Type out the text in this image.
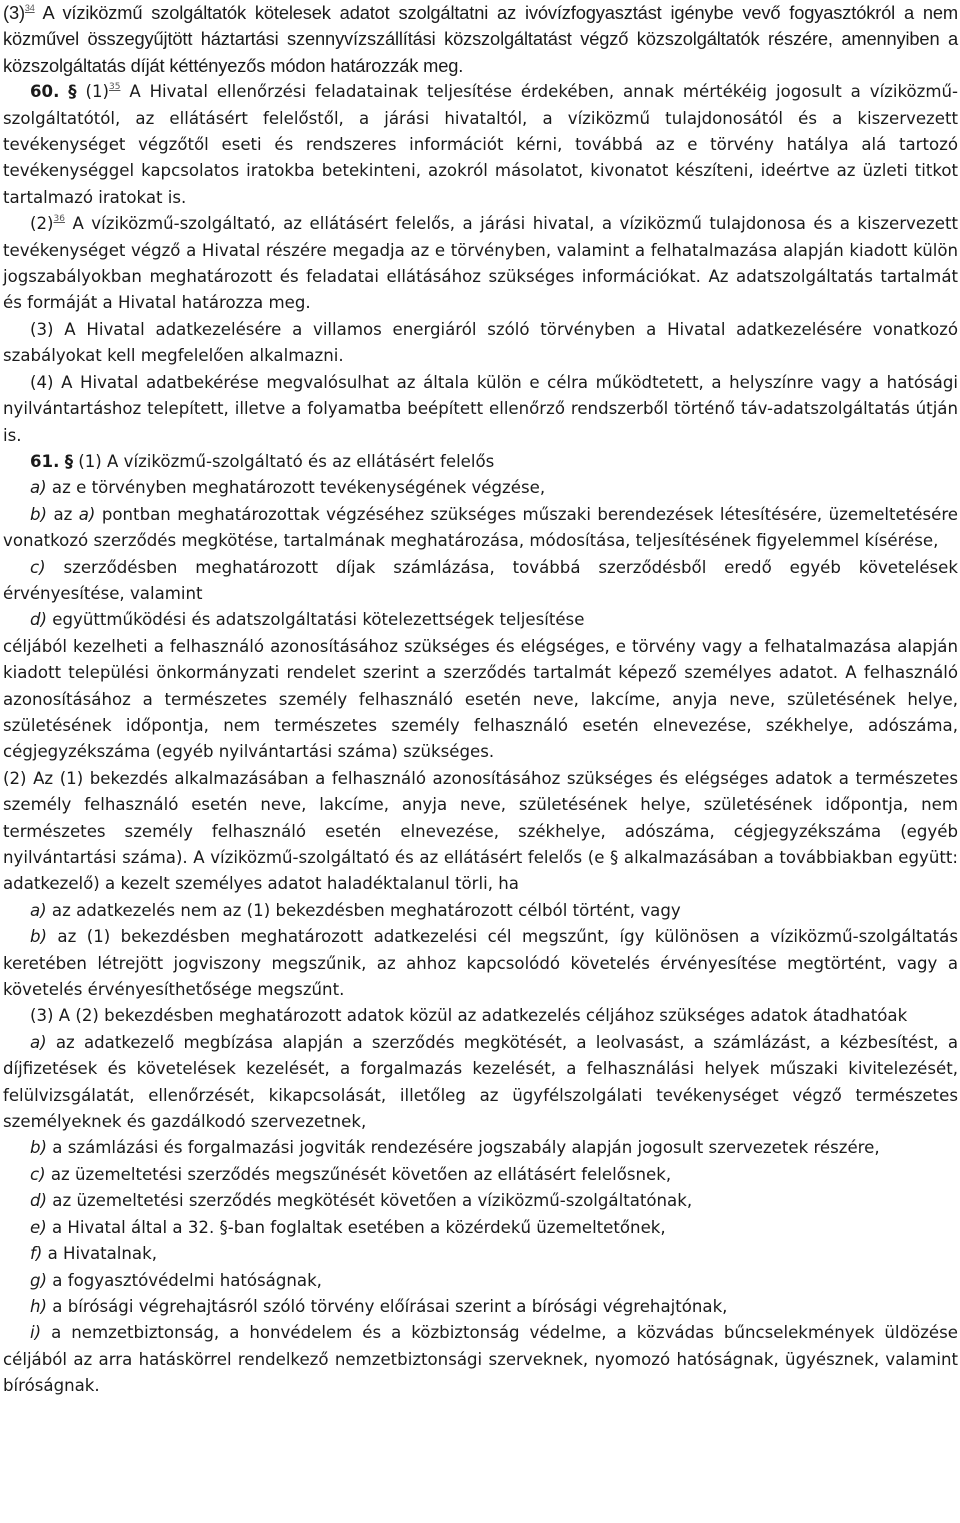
(3)$^{34}$ A víziközmű szolgáltatók kötelesek adatot szolgáltatni az ivóvízfogyasztást igénybe vevő fogyasztókról a nem közművel összegyűjtött háztartási szennyvízszállítási közszolgáltatást végző közszolgáltatók részére, amennyiben a közszolgáltatás díját kéttényezős módon határozzák meg.

60. § (1)$^{35}$ A Hivatal ellenőrzési feladatainak teljesítése érdekében, annak mértékéig jogosult a víziközmű-szolgáltatótól, az ellátásért felelőstől, a járási hivataltól, a víziközmű tulajdonosától és a kiszervezett tevékenységet végzőtől eseti és rendszeres információt kérni, továbbá az e törvény hatálya alá tartozó tevékenységgel kapcsolatos iratokba betekinteni, azokról másolatot, kivonatot készíteni, ideértve az üzleti titkot tartalmazó iratokat is.

(2)$^{36}$ A víziközmű-szolgáltató, az ellátásért felelős, a járási hivatal, a víziközmű tulajdonosa és a kiszervezett tevékenységet végző a Hivatal részére megadja az e törvényben, valamint a felhatalmazása alapján kiadott külön jogszabályokban meghatározott és feladatai ellátásához szükséges információkat. Az adatszolgáltatás tartalmát és formáját a Hivatal határozza meg.

(3) A Hivatal adatkezelésére a villamos energiáról szóló törvényben a Hivatal adatkezelésére vonatkozó szabályokat kell megfelelően alkalmazni.

(4) A Hivatal adatbekérése megvalósulhat az általa külön e célra működtetett, a helyszínre vagy a hatósági nyilvántartáshoz telepített, illetve a folyamatba beépített ellenőrző rendszerből történő táv-adatszolgáltatás útján is.

61. § (1) A víziközmű-szolgáltató és az ellátásért felelős

a) az e törvényben meghatározott tevékenységének végzése,

b) az a) pontban meghatározottak végzéséhez szükséges műszaki berendezések létesítésére, üzemeltetésére vonatkozó szerződés megkötése, tartalmának meghatározása, módosítása, teljesítésének figyelemmel kísérése,

c) szerződésben meghatározott díjak számlázása, továbbá szerződésből eredő egyéb követelések érvényesítése, valamint

d) együttműködési és adatszolgáltatási kötelezettségek teljesítése

céljából kezelheti a felhasználó azonosításához szükséges és elégséges, e törvény vagy a felhatalmazása alapján kiadott települési önkormányzati rendelet szerint a szerződés tartalmát képező személyes adatot. A felhasználó azonosításához a természetes személy felhasználó esetén neve, lakcíme, anyja neve, születésének helye, születésének időpontja, nem természetes személy felhasználó esetén elnevezése, székhelye, adószáma, cégjegyzékszáma (egyéb nyilvántartási száma) szükséges.

(2) Az (1) bekezdés alkalmazásában a felhasználó azonosításához szükséges és elégséges adatok a természetes személy felhasználó esetén neve, lakcíme, anyja neve, születésének helye, születésének időpontja, nem természetes személy felhasználó esetén elnevezése, székhelye, adószáma, cégjegyzékszáma (egyéb nyilvántartási száma). A víziközmű-szolgáltató és az ellátásért felelős (e § alkalmazásában a továbbiakban együtt: adatkezelő) a kezelt személyes adatot haladéktalanul törli, ha

a) az adatkezelés nem az (1) bekezdésben meghatározott célból történt, vagy

b) az (1) bekezdésben meghatározott adatkezelési cél megszűnt, így különösen a víziközmű-szolgáltatás keretében létrejött jogviszony megszűnik, az ahhoz kapcsolódó követelés érvényesítése megtörtént, vagy a követelés érvényesíthetősége megszűnt.

(3) A (2) bekezdésben meghatározott adatok közül az adatkezelés céljához szükséges adatok átadhatóak

a) az adatkezelő megbízása alapján a szerződés megkötését, a leolvasást, a számlázást, a kézbesítést, a díjfizetések és követelések kezelését, a forgalmazás kezelését, a felhasználási helyek műszaki kivitelezését, felülvizsgálatát, ellenőrzését, kikapcsolását, illetőleg az ügyfélszolgálati tevékenységet végző természetes személyeknek és gazdálkodó szervezetnek,

b) a számlázási és forgalmazási jogviták rendezésére jogszabály alapján jogosult szervezetek részére,

c) az üzemeltetési szerződés megszűnését követően az ellátásért felelősnek,

d) az üzemeltetési szerződés megkötését követően a víziközmű-szolgáltatónak,

e) a Hivatal által a 32. §-ban foglaltak esetében a közérdekű üzemeltetőnek,

f) a Hivatalnak,

g) a fogyasztóvédelmi hatóságnak,

h) a bírósági végrehajtásról szóló törvény előírásai szerint a bírósági végrehajtónak,

i) a nemzetbiztonság, a honvédelem és a közbiztonság védelme, a közvádas bűncselekmények üldözése céljából az arra hatáskörrel rendelkező nemzetbiztonsági szerveknek, nyomozó hatóságnak, ügyésznek, valamint bíróságnak.
